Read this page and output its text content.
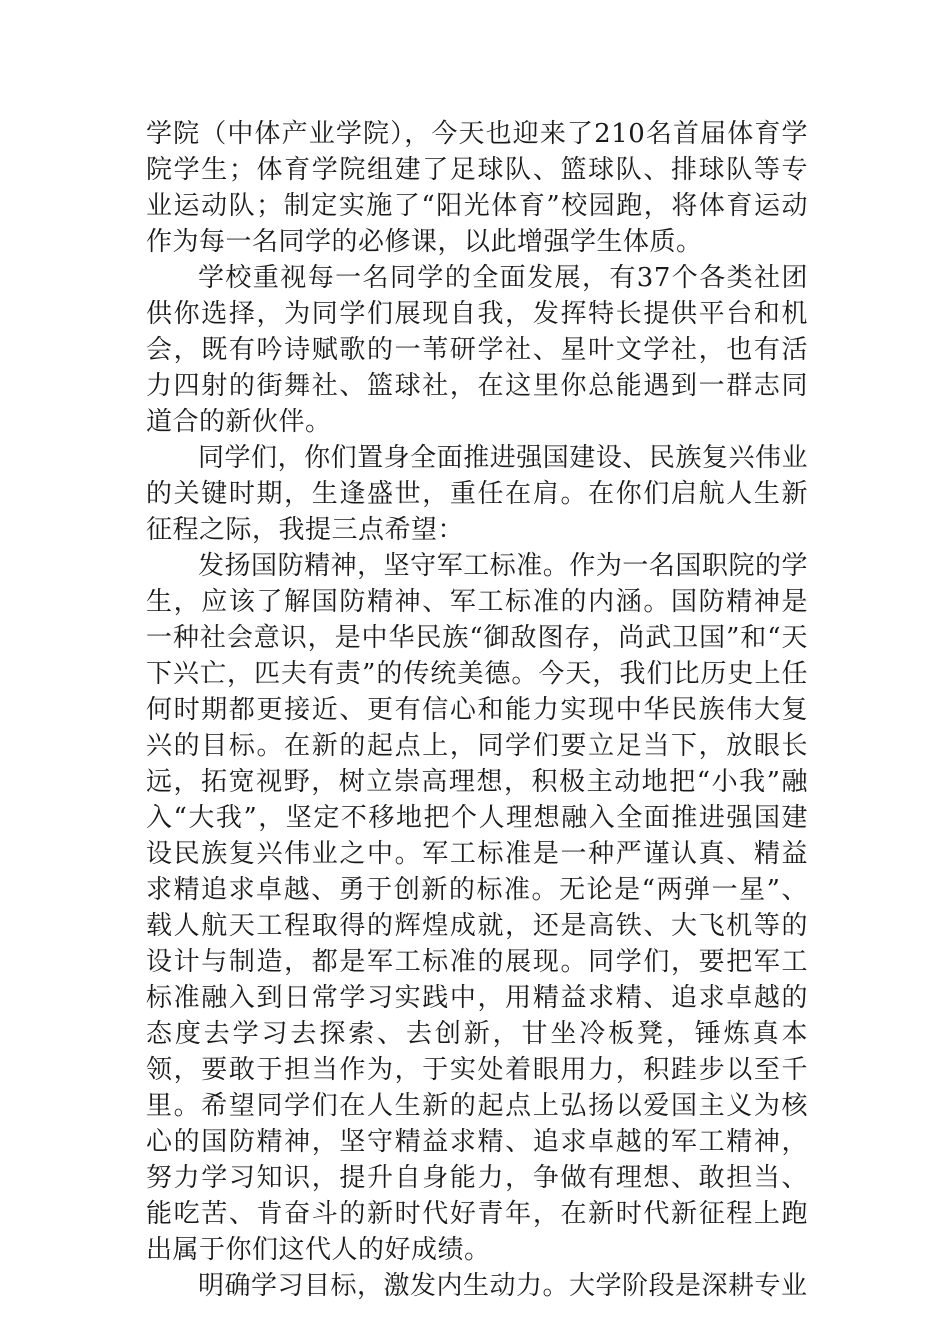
学院（中体产业学院），今天也迎来了210名首届体育学院学生；体育学院组建了足球队、篮球队、排球队等专业运动队；制定实施了“阳光体育”校园跑，将体育运动作为每一名同学的必修课，以此增强学生体质。

学校重视每一名同学的全面发展，有37个各类社团供你选择，为同学们展现自我，发挥特长提供平台和机会，既有吟诗赋歌的一苇研学社、星叶文学社，也有活力四射的街舞社、篮球社，在这里你总能遇到一群志同道合的新伙伴。

同学们，你们置身全面推进强国建设、民族复兴伟业的关键时期，生逢盛世，重任在肩。在你们启航人生新征程之际，我提三点希望：

发扬国防精神，坚守军工标准。作为一名国职院的学生，应该了解国防精神、军工标准的内涵。国防精神是一种社会意识，是中华民族“御敌图存，尚武卫国”和“天下兴亡，匹夫有责”的传统美德。今天，我们比历史上任何时期都更接近、更有信心和能力实现中华民族伟大复兴的目标。在新的起点上，同学们要立足当下，放眼长远，拓宽视野，树立崇高理想，积极主动地把“小我”融入“大我”，坚定不移地把个人理想融入全面推进强国建设民族复兴伟业之中。军工标准是一种严谨认真、精益求精追求卓越、勇于创新的标准。无论是“两弹一星”、载人航天工程取得的辉煌成就，还是高铁、大飞机等的设计与制造，都是军工标准的展现。同学们，要把军工标准融入到日常学习实践中，用精益求精、追求卓越的态度去学习去探索、去创新，甘坐冷板凳，锤炼真本领，要敢于担当作为，于实处着眼用力，积跬步以至千里。希望同学们在人生新的起点上弘扬以爱国主义为核心的国防精神，坚守精益求精、追求卓越的军工精神，努力学习知识，提升自身能力，争做有理想、敢担当、能吃苦、肯奋斗的新时代好青年，在新时代新征程上跑出属于你们这代人的好成绩。

明确学习目标，激发内生动力。大学阶段是深耕专业
